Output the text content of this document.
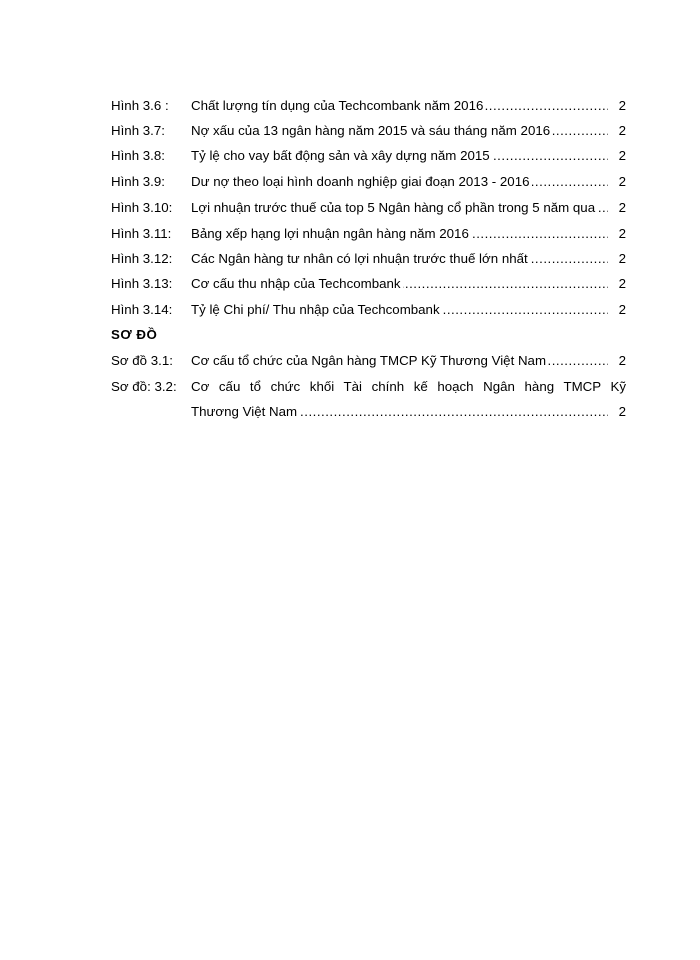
Hình 3.6 : Chất lượng tín dụng của Techcombank năm 2016 .....	2
Hình 3.7: Nợ xấu của 13 ngân hàng năm 2015 và sáu tháng năm 2016 .....	2
Hình 3.8: Tỷ lệ cho vay bất động sản và xây dựng năm 2015 .....	2
Hình 3.9: Dư nợ theo loại hình doanh nghiệp giai đoạn 2013 - 2016 .....	2
Hình 3.10: Lợi nhuận trước thuế của top 5 Ngân hàng cổ phần trong 5 năm qua .....	2
Hình 3.11: Bảng xếp hạng lợi nhuận ngân hàng năm 2016 .....	2
Hình 3.12: Các Ngân hàng tư nhân có lợi nhuận trước thuế lớn nhất .....	2
Hình 3.13: Cơ cấu thu nhập của Techcombank .....	2
Hình 3.14: Tỷ lệ Chi phí/ Thu nhập của Techcombank .....	2
SƠ ĐỒ
Sơ đồ 3.1: Cơ cấu tổ chức của Ngân hàng TMCP Kỹ Thương Việt Nam .....	2
Sơ đồ: 3.2: Cơ cấu tổ chức khối Tài chính kế hoạch Ngân hàng TMCP Kỹ
Thương Việt Nam .....	2
